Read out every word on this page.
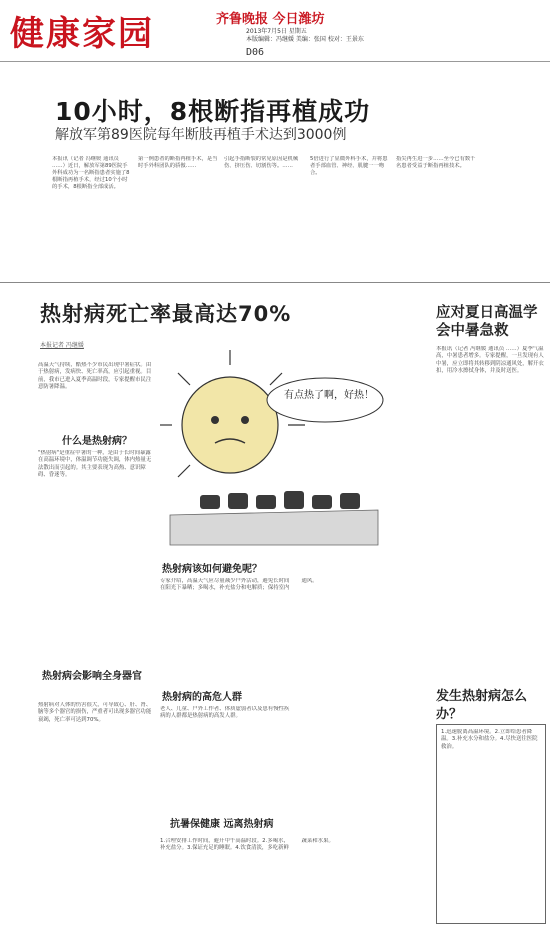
健康家园	齐鲁晚报 今日潍坊
2013年7月5日 星期五
本版编辑：冯继媛 美编：张国 校对：王景东
D06
10小时，8根断指再植成功
解放军第89医院每年断肢再植手术达到3000例
本报讯（记者 冯继媛 通讯员 ……）近日，解放军第89医院手外科成功为一名断指患者实施了8根断指再植手术，经过10个小时的手术，8根断指全部成活。
第一例患者的断指再植手术，是当时手外科团队的骄傲……
引起手指断裂的常见原因是机械伤、挤压伤、切割伤等。……
5倍进行了显微外科手术，并将患者手部血管、神经、肌腱一一吻合。
指尖再生进一步……至今已有数千名患者受益于断指再植技术。
热射病死亡率最高达70%
本报记者 冯继媛
高温天气持续，酷热不少市民出现中暑症状。由于热射病，发病快、死亡率高，应引起重视。目前，我市已进入夏季高温时段，专家提醒市民注意防暑降温。
什么是热射病？
"热射病"是重症中暑的一种，是由于长时间暴露在高温环境中，体温调节功能失调，体内热量无法散出而引起的。其主要表现为高热、意识障碍、昏迷等。
热射病会影响全身器官
热射病对人体的伤害很大，可导致心、肝、肾、脑等多个器官的损伤，严重者可出现多器官功能衰竭，死亡率可达到70%。
有点热了啊，好热！
热射病该如何避免呢？
专家介绍，高温天气应尽量减少户外活动，避免长时间在阳光下暴晒；多喝水，补充盐分和电解质；保持室内通风。
热射病的高危人群
老人、儿童、户外工作者、体质虚弱者以及患有慢性疾病的人群都是热射病的高发人群。
抗暑保健康 远离热射病
1.合理安排工作时间，避开中午高温时段。2.多喝水，补充盐分。3.保证充足的睡眠。4.饮食清淡，多吃新鲜蔬菜和水果。
应对夏日高温学会中暑急救
本报讯（记者 冯继媛 通讯员 ……）夏季气温高，中暑患者增多。专家提醒，一旦发现有人中暑，应立即将其转移到阴凉通风处，解开衣扣，用冷水擦拭身体，并及时送医。
发生热射病怎么办？
1.迅速脱离高温环境。2.立即给患者降温。3.补充水分和盐分。4.尽快送往医院救治。
